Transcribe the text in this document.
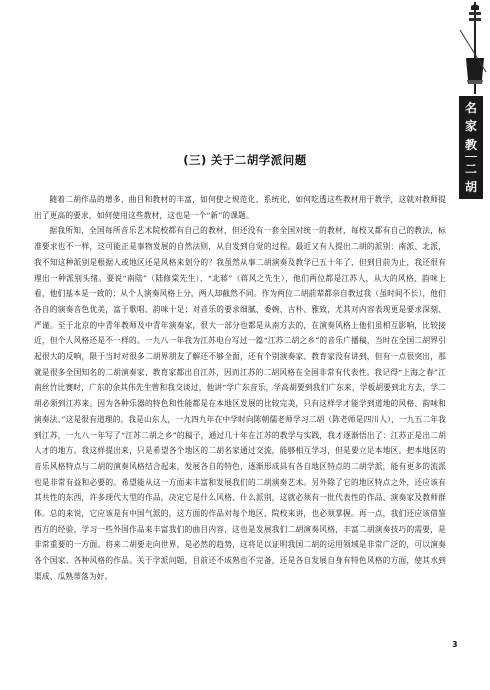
名
家
教
二
胡
(三) 关于二胡学派问题

随着二胡作品的增多、曲目和教材的丰富，如何使之规范化、系统化，如何吃透这些教材用于教学，这就对教师提出了更高的要求，如何使用这些教材，这也是一个“新”的课题。

据我所知，全国每所音乐艺术院校都有自己的教材，但还没有一套全国对统一的教材，每校又都有自己的教法，标准要求也不一样，这可能正是事物发展的自然法则，从自发到自觉的过程。最近又有人提出二胡的派别：南派、北派，我不知这种派别是根据人或地区还是风格来划分的？我虽然从事二胡演奏及教学已五十年了，但到目前为止，我还很有理出一种派别头绪。要说“南陆”（陆修棠先生）、“北蒋”（蒋风之先生），他们两位都是江苏人，从大的风格、韵味上看，他们基本是一致的；从个人演奏风格上分，两人却截然不同。作为两位二胡前辈都亲自教过我（虽时间不长），他们各自的演奏音色优美，富于歌唱、韵味十足；对音乐的要求细腻、委婉、古朴、雅致，尤其对内容表现更是要求深刻、严谨。至于北京的中青年教师及中青年演奏家，很大一部分也都是从南方去的，在演奏风格上他们虽相互影响，比较接近，但个人风格还是不一样的。一九八一年我为江苏电台写过一篇“江苏二胡之乡”的音乐广播稿，当时在全国二胡界引起很大的反响，限于当时对很多二胡界朋友了解还不够全面，还有个别演奏家、教育家没有讲到，但有一点很突出，那就是很多全国知名的二胡演奏家、教育家都出自江苏，因而江苏的二胡风格在全国非常有代表性。我记得“上海之春”江南丝竹比赛时，广东的余其伟先生曾和我交谈过，他讲“学广东音乐，学高胡要到我们广东来，学板胡要到北方去，学二胡必须到江苏来。因为各种乐器的特色和性能都是在本地区发展的比较完美，只有这样学才能学到道地的风格、韵味和演奏法。”这是很有道理的。我是山东人，一九四九年在中学时向陈朝儒老师学习二胡（陈老师是四川人），一九五二年我到江苏，一九八一年写了“江苏二胡之乡”的稿子，通过几十年在江苏的教学与实践，我才逐渐悟出了：江苏正是出二胡人才的地方。我这样提出来，只是希望各个地区的二胡名家通过交流，能够相互学习，但是要立足本地区。把本地区的音乐风格特点与二胡的演奏风格结合起来，发展各自的特色，逐渐形成具有各自地区特点的二胡学派，能有更多的流派也是非常有益和必要的。希望能从这一方面来丰富和发展我们的二胡演奏艺术。另外除了它的地区特点之外，还应该有其共性的东西，许多现代大型的作品，决定它是什么风格、什么派别，这就必须有一批代表性的作品、演奏家及教师群体。总的来说，它应该是有中国气派的，这方面的作品对每个地区、院校来讲，也必须掌握。再一点，我们还应该借鉴西方的经验，学习一些外国作品来丰富我们的曲目内容，这也是发展我们二胡演奏风格，丰富二胡演奏技巧的需要，是非常重要的一方面。将来二胡要走向世界，是必然的趋势，这将足以证明我国二胡的运用领域是非常广泛的，可以演奏各个国家、各种风格的作品。关于学派问题，目前还不成熟也不完备，还是各自发展自身有特色风格的方面，使其水到渠成、瓜熟蒂落为好。

3
